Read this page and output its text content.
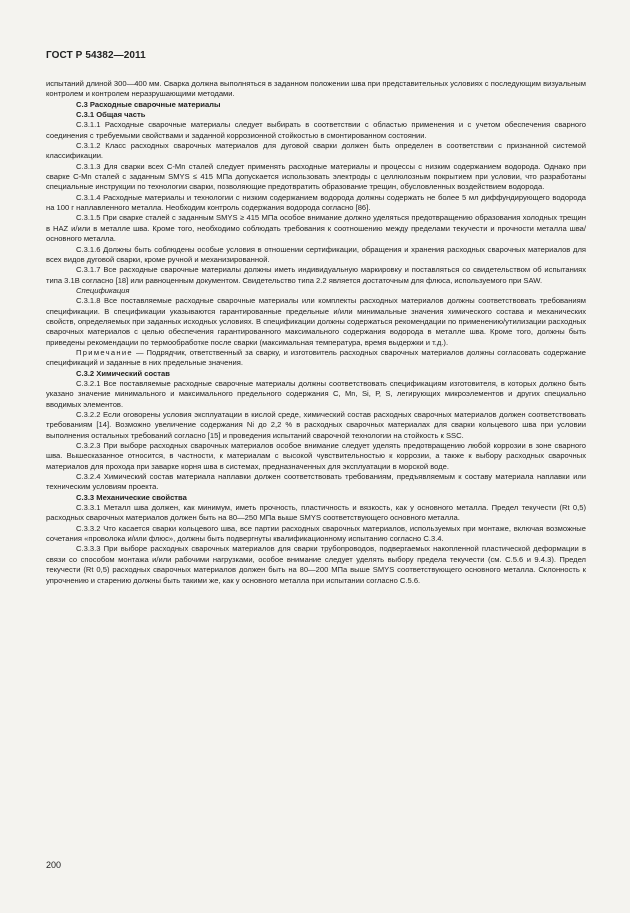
ГОСТ Р 54382—2011

испытаний длиной 300—400 мм. Сварка должна выполняться в заданном положении шва при представительных условиях с последующим визуальным контролем и контролем неразрушающими методами.

С.3 Расходные сварочные материалы
С.3.1 Общая часть

С.3.1.1 Расходные сварочные материалы следует выбирать в соответствии с областью применения и с учетом обеспечения сварного соединения с требуемыми свойствами и заданной коррозионной стойкостью в смонтированном состоянии.

С.3.1.2 Класс расходных сварочных материалов для дуговой сварки должен быть определен в соответствии с признанной системой классификации.

С.3.1.3 Для сварки всех С-Mn сталей следует применять расходные материалы и процессы с низким содержанием водорода. Однако при сварке С-Mn сталей с заданным SMYS ≤ 415 МПа допускается использовать электроды с целлюлозным покрытием при условии, что разработаны специальные инструкции по технологии сварки, позволяющие предотвратить образование трещин, обусловленных воздействием водорода.

С.3.1.4 Расходные материалы и технологии с низким содержанием водорода должны содержать не более 5 мл диффундирующего водорода на 100 г наплавленного металла. Необходим контроль содержания водорода согласно [86].

С.3.1.5 При сварке сталей с заданным SMYS ≥ 415 МПа особое внимание должно уделяться предотвращению образования холодных трещин в HAZ и/или в металле шва. Кроме того, необходимо соблюдать требования к соотношению между пределами текучести и прочности металла шва/основного металла.

С.3.1.6 Должны быть соблюдены особые условия в отношении сертификации, обращения и хранения расходных сварочных материалов для всех видов дуговой сварки, кроме ручной и механизированной.

С.3.1.7 Все расходные сварочные материалы должны иметь индивидуальную маркировку и поставляться со свидетельством об испытаниях типа 3.1В согласно [18] или равноценным документом. Свидетельство типа 2.2 является достаточным для флюса, используемого при SAW.

Спецификация

С.3.1.8 Все поставляемые расходные сварочные материалы или комплекты расходных материалов должны соответствовать требованиям спецификации. В спецификации указываются гарантированные предельные и/или минимальные значения химического состава и механических свойств, определяемых при заданных исходных условиях. В спецификации должны содержаться рекомендации по применению/утилизации расходных сварочных материалов с целью обеспечения гарантированного максимального содержания водорода в металле шва. Кроме того, должны быть приведены рекомендации по термообработке после сварки (максимальная температура, время выдержки и т.д.).

Примечание — Подрядчик, ответственный за сварку, и изготовитель расходных сварочных материалов должны согласовать содержание спецификаций и заданные в них предельные значения.

С.3.2 Химический состав

С.3.2.1 Все поставляемые расходные сварочные материалы должны соответствовать спецификациям изготовителя, в которых должно быть указано значение минимального и максимального предельного содержания С, Mn, Si, Р, S, легирующих микроэлементов и других специально вводимых элементов.

С.3.2.2 Если оговорены условия эксплуатации в кислой среде, химический состав расходных сварочных материалов должен соответствовать требованиям [14]. Возможно увеличение содержания Ni до 2,2 % в расходных сварочных материалах для сварки кольцевого шва при условии выполнения остальных требований согласно [15] и проведения испытаний сварочной технологии на стойкость к SSC.

С.3.2.3 При выборе расходных сварочных материалов особое внимание следует уделять предотвращению любой коррозии в зоне сварного шва. Вышесказанное относится, в частности, к материалам с высокой чувствительностью к коррозии, а также к выбору расходных сварочных материалов для прохода при заварке корня шва в системах, предназначенных для эксплуатации в морской воде.

С.3.2.4 Химический состав материала наплавки должен соответствовать требованиям, предъявляемым к составу материала наплавки или техническим условиям проекта.

С.3.3 Механические свойства

С.3.3.1 Металл шва должен, как минимум, иметь прочность, пластичность и вязкость, как у основного металла. Предел текучести (Rt 0,5) расходных сварочных материалов должен быть на 80—250 МПа выше SMYS соответствующего основного металла.

С.3.3.2 Что касается сварки кольцевого шва, все партии расходных сварочных материалов, используемых при монтаже, включая возможные сочетания «проволока и/или флюс», должны быть подвергнуты квалификационному испытанию согласно С.3.4.

С.3.3.3 При выборе расходных сварочных материалов для сварки трубопроводов, подвергаемых накопленной пластической деформации в связи со способом монтажа и/или рабочими нагрузками, особое внимание следует уделять выбору предела текучести (см. С.5.6 и 9.4.3). Предел текучести (Rt 0,5) расходных сварочных материалов должен быть на 80—200 МПа выше SMYS соответствующего основного металла. Склонность к упрочнению и старению должны быть такими же, как у основного металла при испытании согласно С.5.6.

200
